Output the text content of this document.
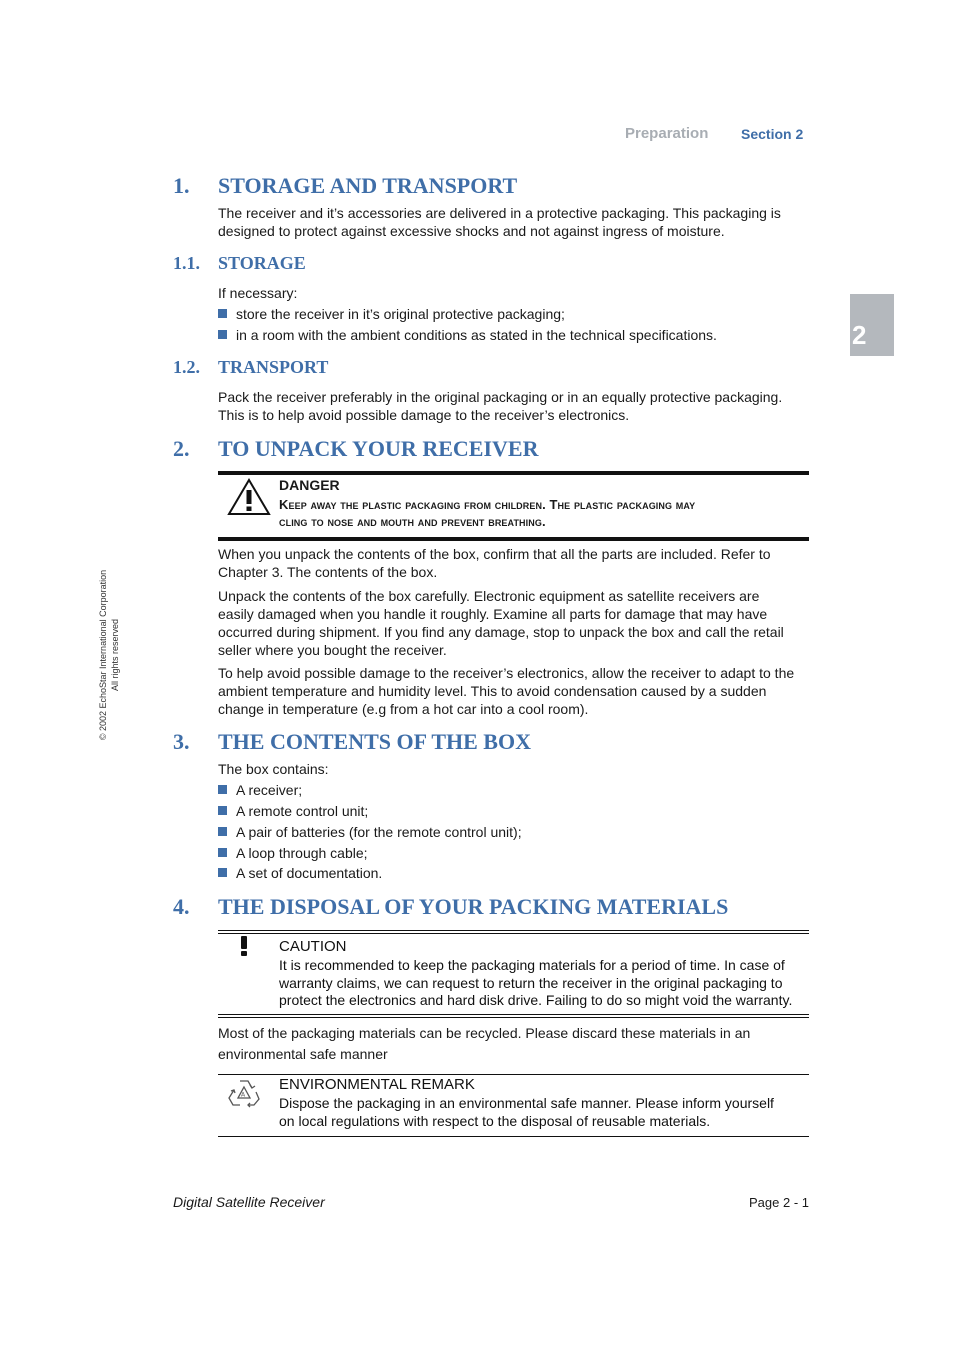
Preparation Section 2
2
© 2002 EchoStar International Corporation All rights reserved
1. STORAGE AND TRANSPORT
The receiver and it’s accessories are delivered in a protective packaging. This packaging is
designed to protect against excessive shocks and not against ingress of moisture.
1.1. STORAGE
If necessary:
store the receiver in it’s original protective packaging;
in a room with the ambient conditions as stated in the technical specifications.
1.2. TRANSPORT
Pack the receiver preferably in the original packaging or in an equally protective packaging.
This is to help avoid possible damage to the receiver’s electronics.
2. TO UNPACK YOUR RECEIVER
DANGER
Keep away the plastic packaging from children. The plastic packaging may
cling to nose and mouth and prevent breathing.
When you unpack the contents of the box, confirm that all the parts are included. Refer to
Chapter 3. The contents of the box.
Unpack the contents of the box carefully. Electronic equipment as satellite receivers are
easily damaged when you handle it roughly. Examine all parts for damage that may have
occurred during shipment. If you find any damage, stop to unpack the box and call the retail
seller where you bought the receiver.
To help avoid possible damage to the receiver’s electronics, allow the receiver to adapt to the
ambient temperature and humidity level. This to avoid condensation caused by a sudden
change in temperature (e.g from a hot car into a cool room).
3. THE CONTENTS OF THE BOX
The box contains:
A receiver;
A remote control unit;
A pair of batteries (for the remote control unit);
A loop through cable;
A set of documentation.
4. THE DISPOSAL OF YOUR PACKING MATERIALS
CAUTION
It is recommended to keep the packaging materials for a period of time. In case of
warranty claims, we can request to return the receiver in the original packaging to
protect the electronics and hard disk drive. Failing to do so might void the warranty.
Most of the packaging materials can be recycled. Please discard these materials in an
environmental safe manner
A
ENVIRONMENTAL REMARK
Dispose the packaging in an environmental safe manner. Please inform yourself
on local regulations with respect to the disposal of reusable materials.
Digital Satellite Receiver	Page 2 - 1
